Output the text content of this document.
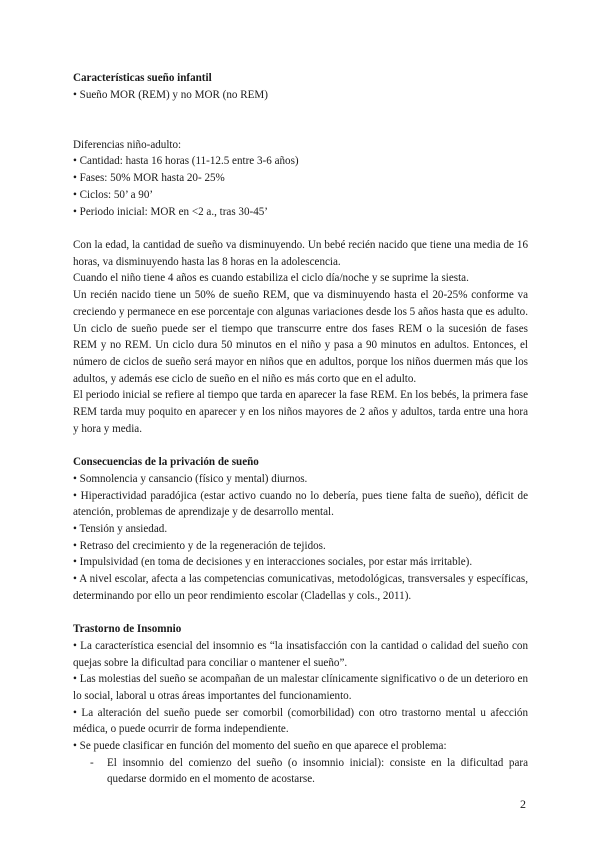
Características sueño infantil

• Sueño MOR (REM) y no MOR (no REM)

Diferencias niño-adulto:

• Cantidad: hasta 16 horas (11-12.5 entre 3-6 años)

• Fases: 50% MOR hasta 20- 25%

• Ciclos: 50’ a 90’

• Periodo inicial: MOR en <2 a., tras 30-45’

Con la edad, la cantidad de sueño va disminuyendo. Un bebé recién nacido que tiene una media de 16 horas, va disminuyendo hasta las 8 horas en la adolescencia.

Cuando el niño tiene 4 años es cuando estabiliza el ciclo día/noche y se suprime la siesta.

Un recién nacido tiene un 50% de sueño REM, que va disminuyendo hasta el 20-25% conforme va creciendo y permanece en ese porcentaje con algunas variaciones desde los 5 años hasta que es adulto.

Un ciclo de sueño puede ser el tiempo que transcurre entre dos fases REM o la sucesión de fases REM y no REM. Un ciclo dura 50 minutos en el niño y pasa a 90 minutos en adultos. Entonces, el número de ciclos de sueño será mayor en niños que en adultos, porque los niños duermen más que los adultos, y además ese ciclo de sueño en el niño es más corto que en el adulto.

El periodo inicial se refiere al tiempo que tarda en aparecer la fase REM. En los bebés, la primera fase REM tarda muy poquito en aparecer y en los niños mayores de 2 años y adultos, tarda entre una hora y hora y media.

Consecuencias de la privación de sueño

• Somnolencia y cansancio (físico y mental) diurnos.

• Hiperactividad paradójica (estar activo cuando no lo debería, pues tiene falta de sueño), déficit de atención, problemas de aprendizaje y de desarrollo mental.

• Tensión y ansiedad.

• Retraso del crecimiento y de la regeneración de tejidos.

• Impulsividad (en toma de decisiones y en interacciones sociales, por estar más irritable).

• A nivel escolar, afecta a las competencias comunicativas, metodológicas, transversales y específicas, determinando por ello un peor rendimiento escolar (Cladellas y cols., 2011).

Trastorno de Insomnio

• La característica esencial del insomnio es “la insatisfacción con la cantidad o calidad del sueño con quejas sobre la dificultad para conciliar o mantener el sueño”.

• Las molestias del sueño se acompañan de un malestar clínicamente significativo o de un deterioro en lo social, laboral u otras áreas importantes del funcionamiento.

• La alteración del sueño puede ser comorbil (comorbilidad) con otro trastorno mental u afección médica, o puede ocurrir de forma independiente.

• Se puede clasificar en función del momento del sueño en que aparece el problema:

- El insomnio del comienzo del sueño (o insomnio inicial): consiste en la dificultad para quedarse dormido en el momento de acostarse.
2
